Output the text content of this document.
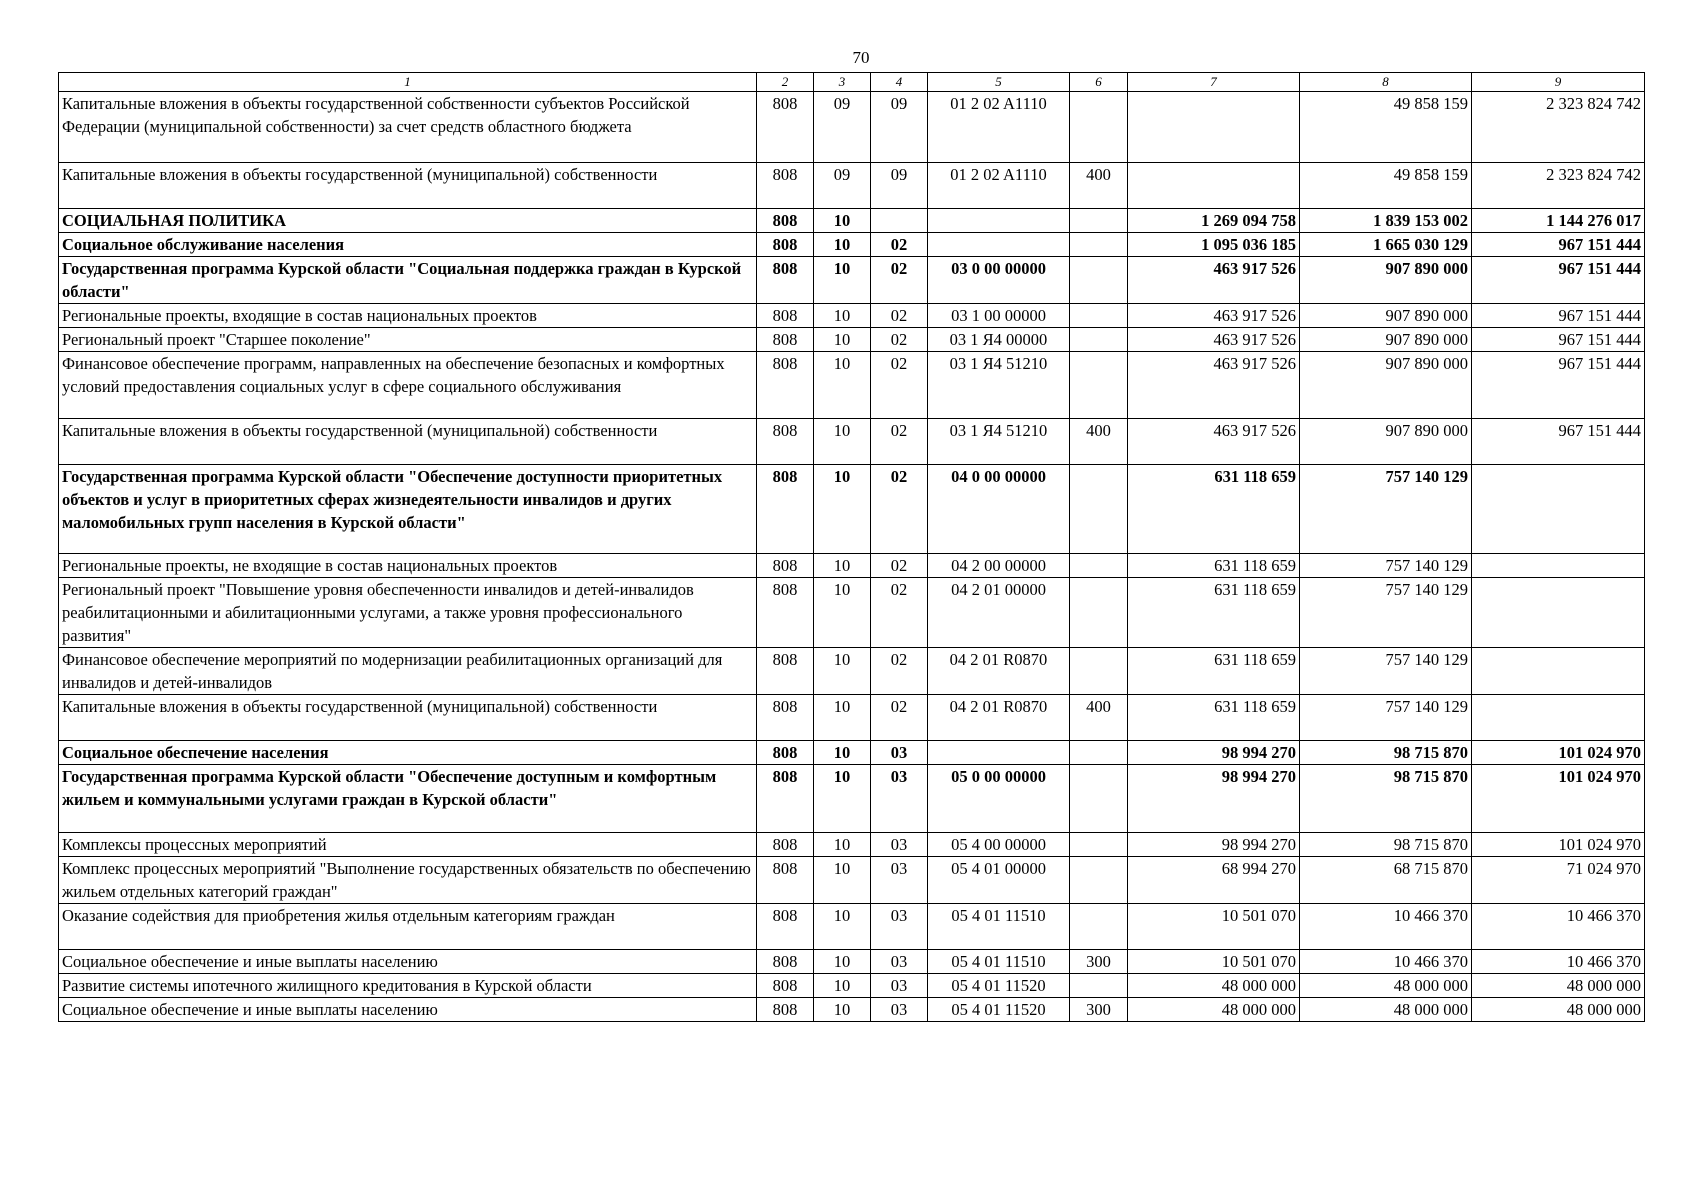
70
1	2	3	4	5	6	7	8	9
Капитальные вложения в объекты государственной собственности субъектов Российской Федерации (муниципальной собственности) за счет средств областного бюджета	808	09	09	01 2 02 A1110			49 858 159	2 323 824 742
Капитальные вложения в объекты государственной (муниципальной) собственности	808	09	09	01 2 02 A1110	400		49 858 159	2 323 824 742
СОЦИАЛЬНАЯ ПОЛИТИКА	808	10				1 269 094 758	1 839 153 002	1 144 276 017
Социальное обслуживание населения	808	10	02			1 095 036 185	1 665 030 129	967 151 444
Государственная программа Курской области "Социальная поддержка граждан в Курской области"	808	10	02	03 0 00 00000		463 917 526	907 890 000	967 151 444
Региональные проекты, входящие в состав национальных проектов	808	10	02	03 1 00 00000		463 917 526	907 890 000	967 151 444
Региональный проект "Старшее поколение"	808	10	02	03 1 Я4 00000		463 917 526	907 890 000	967 151 444
Финансовое обеспечение программ, направленных на обеспечение безопасных и комфортных условий предоставления социальных услуг в сфере социального обслуживания	808	10	02	03 1 Я4 51210		463 917 526	907 890 000	967 151 444
Капитальные вложения в объекты государственной (муниципальной) собственности	808	10	02	03 1 Я4 51210	400	463 917 526	907 890 000	967 151 444
Государственная программа Курской области "Обеспечение доступности приоритетных объектов и услуг в приоритетных сферах жизнедеятельности инвалидов и других маломобильных групп населения в Курской области"	808	10	02	04 0 00 00000		631 118 659	757 140 129	
Региональные проекты, не входящие в состав национальных проектов	808	10	02	04 2 00 00000		631 118 659	757 140 129	
Региональный проект "Повышение уровня обеспеченности инвалидов и детей-инвалидов реабилитационными и абилитационными услугами, а также уровня профессионального развития"	808	10	02	04 2 01 00000		631 118 659	757 140 129	
Финансовое обеспечение мероприятий по модернизации реабилитационных организаций для инвалидов и детей-инвалидов	808	10	02	04 2 01 R0870		631 118 659	757 140 129	
Капитальные вложения в объекты государственной (муниципальной) собственности	808	10	02	04 2 01 R0870	400	631 118 659	757 140 129	
Социальное обеспечение населения	808	10	03			98 994 270	98 715 870	101 024 970
Государственная программа Курской области "Обеспечение доступным и комфортным жильем и коммунальными услугами граждан в Курской области"	808	10	03	05 0 00 00000		98 994 270	98 715 870	101 024 970
Комплексы процессных мероприятий	808	10	03	05 4 00 00000		98 994 270	98 715 870	101 024 970
Комплекс процессных мероприятий "Выполнение государственных обязательств по обеспечению жильем отдельных категорий граждан"	808	10	03	05 4 01 00000		68 994 270	68 715 870	71 024 970
Оказание содействия для приобретения жилья отдельным категориям граждан	808	10	03	05 4 01 11510		10 501 070	10 466 370	10 466 370
Социальное обеспечение и иные выплаты населению	808	10	03	05 4 01 11510	300	10 501 070	10 466 370	10 466 370
Развитие системы ипотечного жилищного кредитования в Курской области	808	10	03	05 4 01 11520		48 000 000	48 000 000	48 000 000
Социальное обеспечение и иные выплаты населению	808	10	03	05 4 01 11520	300	48 000 000	48 000 000	48 000 000
